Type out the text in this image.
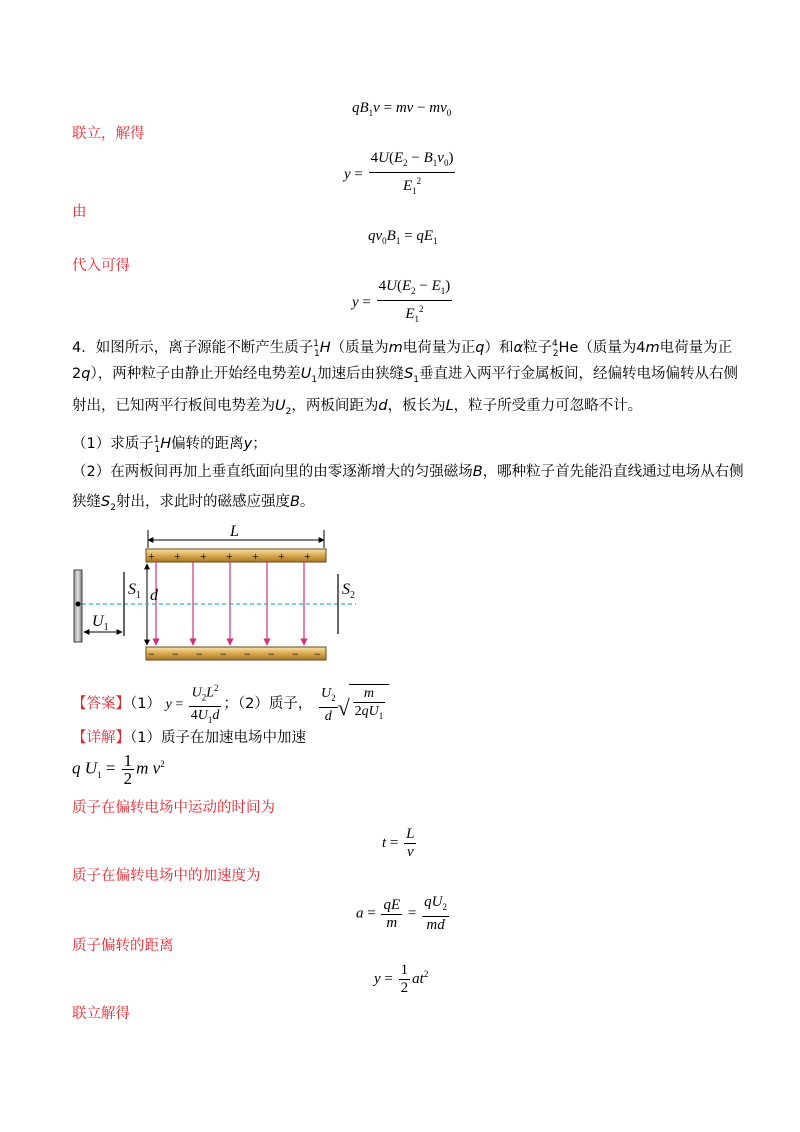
$qB_1v$ = mv − $mv_0$
联立，解得
$y = \frac{4U(E_2 - B_1v_0)}{E_1^2}$
由
$qv_0B_1 = qE_1$
代入可得
$y = \frac{4U(E_2 - E_1)}{E_1^2}$
4．如图所示，离子源能不断产生质子$^1_1$H（质量为m电荷量为正q）和α粒子$^4_2$He（质量为4m电荷量为正
2q），两种粒子由静止开始经电势差$U_1$加速后由狭缝$S_1$垂直进入两平行金属板间，经偏转电场偏转从右侧
射出，已知两平行板间电势差为$U_2$，两板间距为d，板长为L，粒子所受重力可忽略不计。
（1）求质子$^1_1$H偏转的距离y；
（2）在两板间再加上垂直纸面向里的由零逐渐增大的匀强磁场B，哪种粒子首先能沿直线通过电场从右侧
狭缝$S_2$射出，求此时的磁感应强度B。
L
+ + + + + + +
− − − − − − − −
d
$S_1$	$S_2$
$U_1$
【答案】（1） $y = \frac{U_2L^2}{4U_1d}$ ；（2）质子， $\frac{U_2}{d}$
√ $\frac{m}{2qU_1}$
【详解】（1）质子在加速电场中加速
q $U_1 = \frac{1}{2}$ m $v^2$
质子在偏转电场中运动的时间为
$t = \frac{L}{v}$
质子在偏转电场中的加速度为
$a = \frac{qE}{m} = \frac{qU_2}{md}$
质子偏转的距离
$y = \frac{1}{2} at^2$
联立解得
